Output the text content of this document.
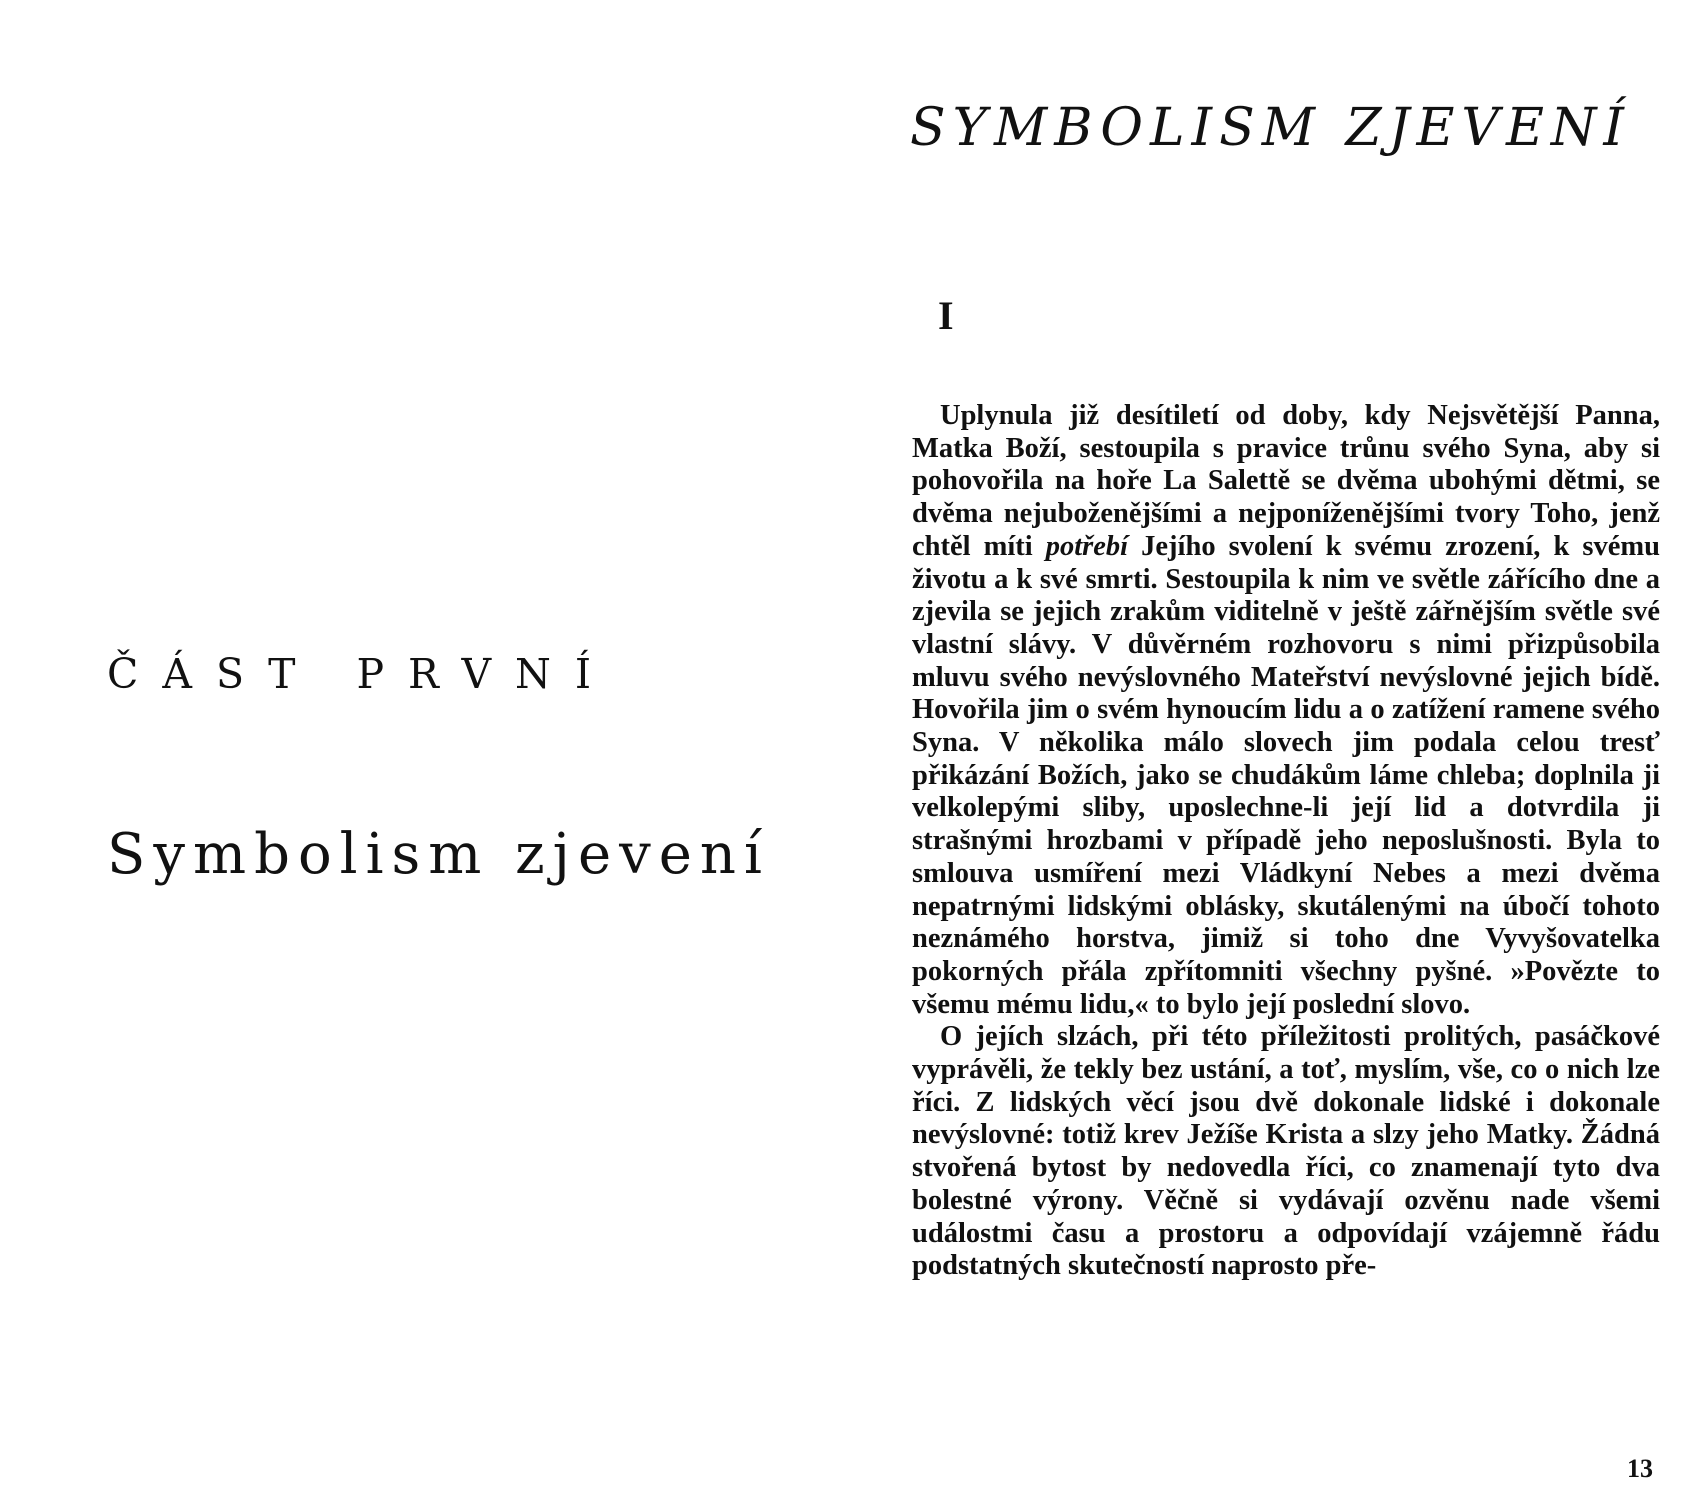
ČÁST PRVNÍ
Symbolism zjevení
SYMBOLISM ZJEVENÍ
I

Uplynula již desítiletí od doby, kdy Nejsvětější Panna, Matka Boží, sestoupila s pravice trůnu svého Syna, aby si pohovořila na hoře La Salettě se dvěma ubohými dětmi, se dvěma nejuboženějšími a nejponíženějšími tvory Toho, jenž chtěl míti potřebí Jejího svolení k svému zrození, k svému životu a k své smrti. Sestoupila k nim ve světle zářícího dne a zjevila se jejich zrakům viditelně v ještě zářnějším světle své vlastní slávy. V důvěrném rozhovoru s nimi přizpůsobila mluvu svého nevýslovného Mateřství nevýslovné jejich bídě. Hovořila jim o svém hynoucím lidu a o zatížení ramene svého Syna. V několika málo slovech jim podala celou tresť přikázání Božích, jako se chudákům láme chleba; doplnila ji velkolepými sliby, uposlechne-li její lid a dotvrdila ji strašnými hrozbami v případě jeho neposlušnosti. Byla to smlouva usmíření mezi Vládkyní Nebes a mezi dvěma nepatrnými lidskými oblásky, skutálenými na úbočí tohoto neznámého horstva, jimiž si toho dne Vyvyšovatelka pokorných přála zpřítomniti všechny pyšné. »Povězte to všemu mému lidu,« to bylo její poslední slovo.

O jejích slzách, při této příležitosti prolitých, pasáčkové vyprávěli, že tekly bez ustání, a toť, myslím, vše, co o nich lze říci. Z lidských věcí jsou dvě dokonale lidské i dokonale nevýslovné: totiž krev Ježíše Krista a slzy jeho Matky. Žádná stvořená bytost by nedovedla říci, co znamenají tyto dva bolestné výrony. Věčně si vydávají ozvěnu nade všemi událostmi času a prostoru a odpovídají vzájemně řádu podstatných skutečností naprosto pře-

13
